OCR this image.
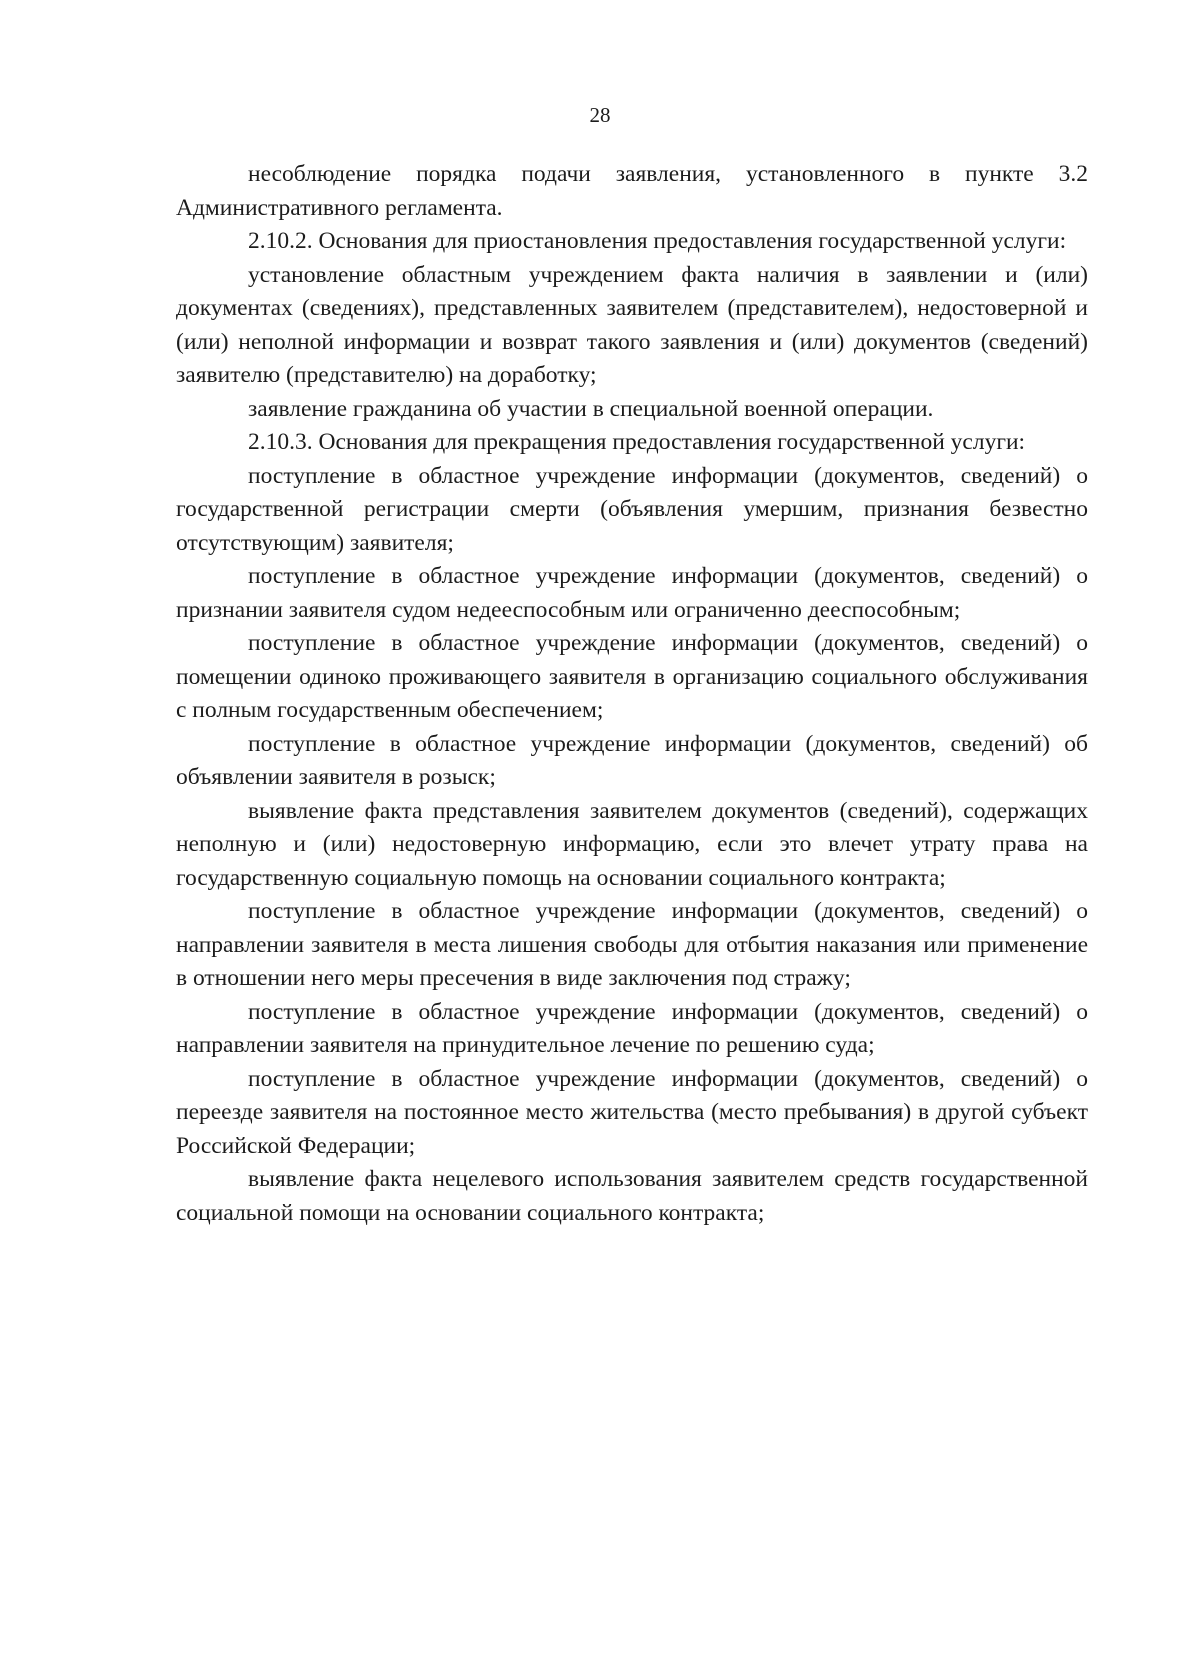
28

несоблюдение порядка подачи заявления, установленного в пункте 3.2 Административного регламента.

2.10.2. Основания для приостановления предоставления государственной услуги:

установление областным учреждением факта наличия в заявлении и (или) документах (сведениях), представленных заявителем (представителем), недостоверной и (или) неполной информации и возврат такого заявления и (или) документов (сведений) заявителю (представителю) на доработку;

заявление гражданина об участии в специальной военной операции.

2.10.3. Основания для прекращения предоставления государственной услуги:

поступление в областное учреждение информации (документов, сведений) о государственной регистрации смерти (объявления умершим, признания безвестно отсутствующим) заявителя;

поступление в областное учреждение информации (документов, сведений) о признании заявителя судом недееспособным или ограниченно дееспособным;

поступление в областное учреждение информации (документов, сведений) о помещении одиноко проживающего заявителя в организацию социального обслуживания с полным государственным обеспечением;

поступление в областное учреждение информации (документов, сведений) об объявлении заявителя в розыск;

выявление факта представления заявителем документов (сведений), содержащих неполную и (или) недостоверную информацию, если это влечет утрату права на государственную социальную помощь на основании социального контракта;

поступление в областное учреждение информации (документов, сведений) о направлении заявителя в места лишения свободы для отбытия наказания или применение в отношении него меры пресечения в виде заключения под стражу;

поступление в областное учреждение информации (документов, сведений) о направлении заявителя на принудительное лечение по решению суда;

поступление в областное учреждение информации (документов, сведений) о переезде заявителя на постоянное место жительства (место пребывания) в другой субъект Российской Федерации;

выявление факта нецелевого использования заявителем средств государственной социальной помощи на основании социального контракта;
